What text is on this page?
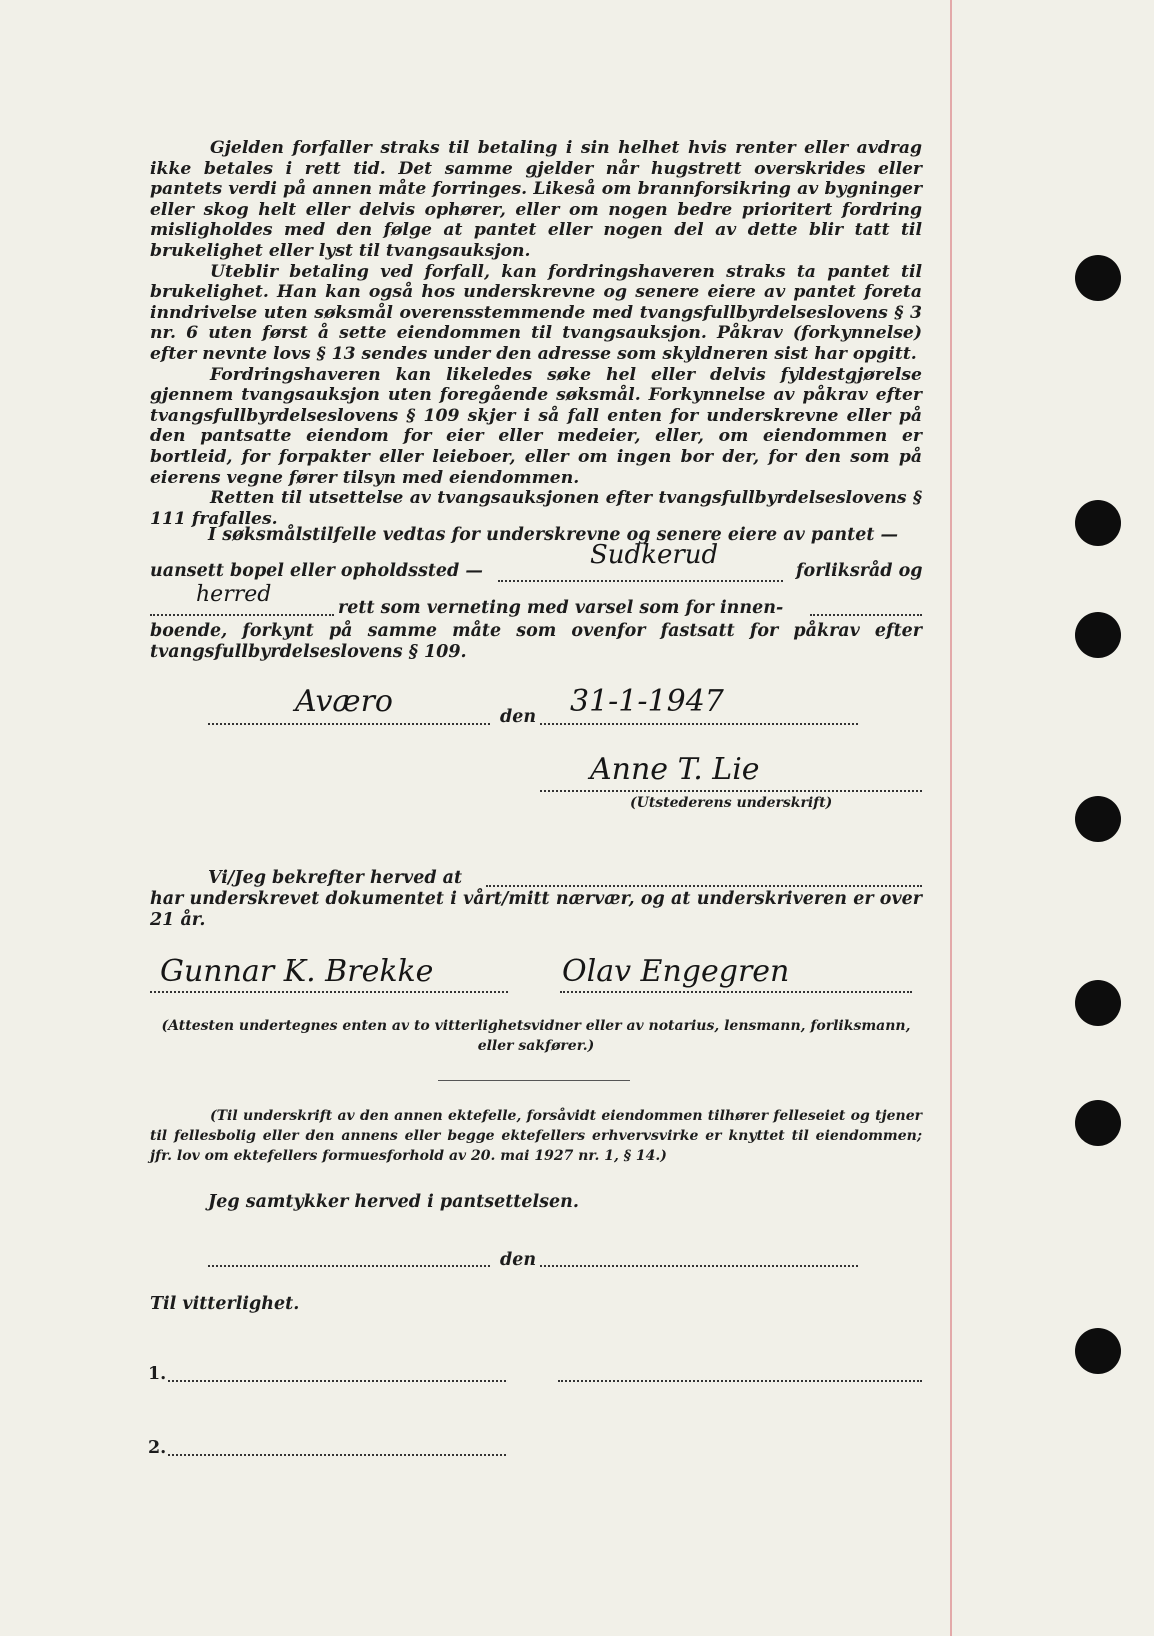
Gjelden forfaller straks til betaling i sin helhet hvis renter eller avdrag ikke betales i rett tid. Det samme gjelder når hugstrett overskrides eller pantets verdi på annen måte forringes. Likeså om brannforsikring av bygninger eller skog helt eller delvis ophører, eller om nogen bedre prioritert fordring misligholdes med den følge at pantet eller nogen del av dette blir tatt til brukelighet eller lyst til tvangsauksjon.

Uteblir betaling ved forfall, kan fordringshaveren straks ta pantet til brukelighet. Han kan også hos underskrevne og senere eiere av pantet foreta inndrivelse uten søksmål overensstemmende med tvangsfullbyrdelseslovens § 3 nr. 6 uten først å sette eiendommen til tvangsauksjon. Påkrav (forkynnelse) efter nevnte lovs § 13 sendes under den adresse som skyldneren sist har opgitt.

Fordringshaveren kan likeledes søke hel eller delvis fyldestgjørelse gjennem tvangsauksjon uten foregående søksmål. Forkynnelse av påkrav efter tvangsfullbyrdelseslovens § 109 skjer i så fall enten for underskrevne eller på den pantsatte eiendom for eier eller medeier, eller, om eiendommen er bortleid, for forpakter eller leieboer, eller om ingen bor der, for den som på eierens vegne fører tilsyn med eiendommen.

Retten til utsettelse av tvangsauksjonen efter tvangsfullbyrdelseslovens § 111 frafalles.

I søksmålstilfelle vedtas for underskrevne og senere eiere av pantet —
uansett bopel eller opholdssted —
Sudkerud
forliksråd og
herred
rett som verneting med varsel som for innen-
boende, forkynt på samme måte som ovenfor fastsatt for påkrav efter tvangsfullbyrdelseslovens § 109.
Aværo	den 31-1-1947
Anne T. Lie
(Utstederens underskrift)
Vi/Jeg bekrefter herved at
har underskrevet dokumentet i vårt/mitt nærvær, og at underskriveren er over 21 år.
Gunnar K. Brekke	Olav Engegren
(Attesten undertegnes enten av to vitterlighetsvidner eller av notarius, lensmann, forliksmann, eller sakfører.)
(Til underskrift av den annen ektefelle, forsåvidt eiendommen tilhører felleseiet og tjener til fellesbolig eller den annens eller begge ektefellers erhvervsvirke er knyttet til eiendommen; jfr. lov om ektefellers formuesforhold av 20. mai 1927 nr. 1, § 14.)
Jeg samtykker herved i pantsettelsen.
den
Til vitterlighet.
1.
2.
